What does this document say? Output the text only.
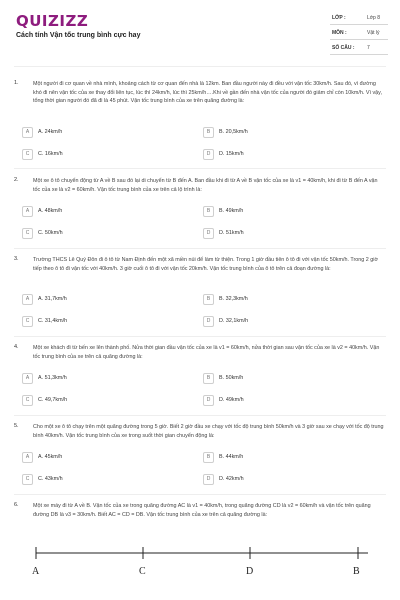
QUIZIZZ
Cách tính Vận tốc trung bình cực hay
LỚP :	Lớp 8
MÔN :	Vật lý
SỐ CÂU :	7
1.	Một người đi cơ quan về nhà mình, khoảng cách từ cơ quan đến nhà là 12km. Ban đầu người này đi đều với vận tốc 30km/h. Sau đó, vì đường khó đi nên vận tốc của xe thay đổi liên tục, lúc thì 24km/h, lúc thì 25km/h….Khi về gần đến nhà vận tốc của người đó giảm chỉ còn 10km/h. Vì vậy, tổng thời gian người đó đã đi là 45 phút. Vận tốc trung bình của xe trên quãng đường là:
A	A. 24km/h	B	B. 20,5km/h
C	C. 16km/h	D	D. 15km/h
2.	Một xe ô tô chuyển động từ A về B sau đó lại di chuyển từ B đến A. Ban đầu khi đi từ A về B vận tốc của xe là v1 = 40km/h, khi đi từ B đến A vận tốc của xe là v2 = 60km/h. Vận tốc trung bình của xe trên cả lộ trình là:
A	A. 48km/h	B	B. 49km/h
C	C. 50km/h	D	D. 51km/h
3.	Trường THCS Lê Quý Đôn đi ô tô từ Nam Định đến một xã miền núi để làm từ thiện. Trong 1 giờ đầu tiên ô tô đi với vận tốc 50km/h. Trong 2 giờ tiếp theo ô tô đi vận tốc với 40km/h. 3 giờ cuối ô tô đi với vận tốc 20km/h. Vận tốc trung bình của ô tô trên cả đoạn đường là:
A	A. 31,7km/h	B	B. 32,3km/h
C	C. 31,4km/h	D	D. 32,1km/h
4.	Một xe khách đi từ bến xe lên thành phố. Nửa thời gian đầu vận tốc của xe là v1 = 60km/h, nửa thời gian sau vận tốc của xe là v2 = 40km/h. Vận tốc trung bình của xe trên cả quãng đường là:
A	A. 51,3km/h	B	B. 50km/h
C	C. 49,7km/h	D	D. 49km/h
5.	Cho một xe ô tô chạy trên một quãng đường trong 5 giờ. Biết 2 giờ đầu xe chạy với tốc độ trung bình 50km/h và 3 giờ sau xe chạy với tốc độ trung bình 40km/h. Vận tốc trung bình của xe trong suốt thời gian chuyển động là:
A	A. 45km/h	B	B. 44km/h
C	C. 43km/h	D	D. 42km/h
6.	Một xe máy đi từ A về B. Vận tốc của xe trong quãng đường AC là v1 = 40km/h, trong quãng đường CD là v2 = 60km/h và vận tốc trên quãng đường DB là v3 = 30km/h. Biết AC = CD = DB. Vận tốc trung bình của xe trên cả quãng đường là:
A	C	D	B
